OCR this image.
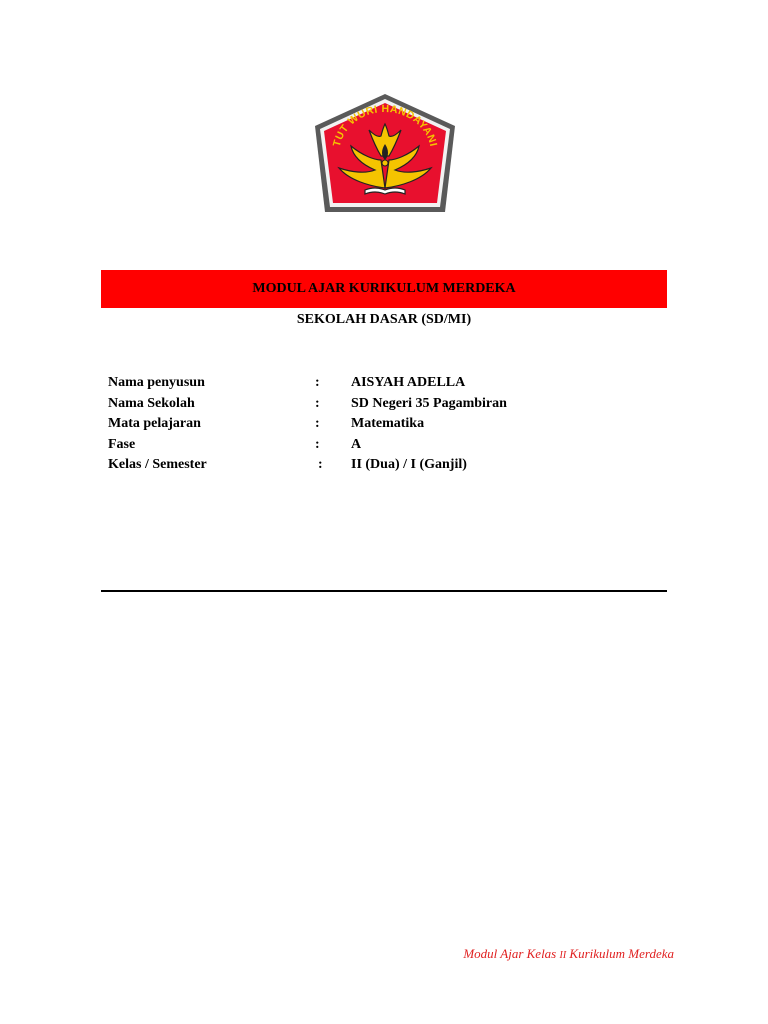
TUT WURI HANDAYANI
MODUL AJAR KURIKULUM MERDEKA
SEKOLAH DASAR (SD/MI)
Nama penyusun	: AISYAH ADELLA
Nama Sekolah	: SD Negeri 35 Pagambiran
Mata pelajaran	: Matematika
Fase	: A
Kelas / Semester	: II (Dua) / I (Ganjil)
Modul Ajar Kelas II Kurikulum Merdeka
